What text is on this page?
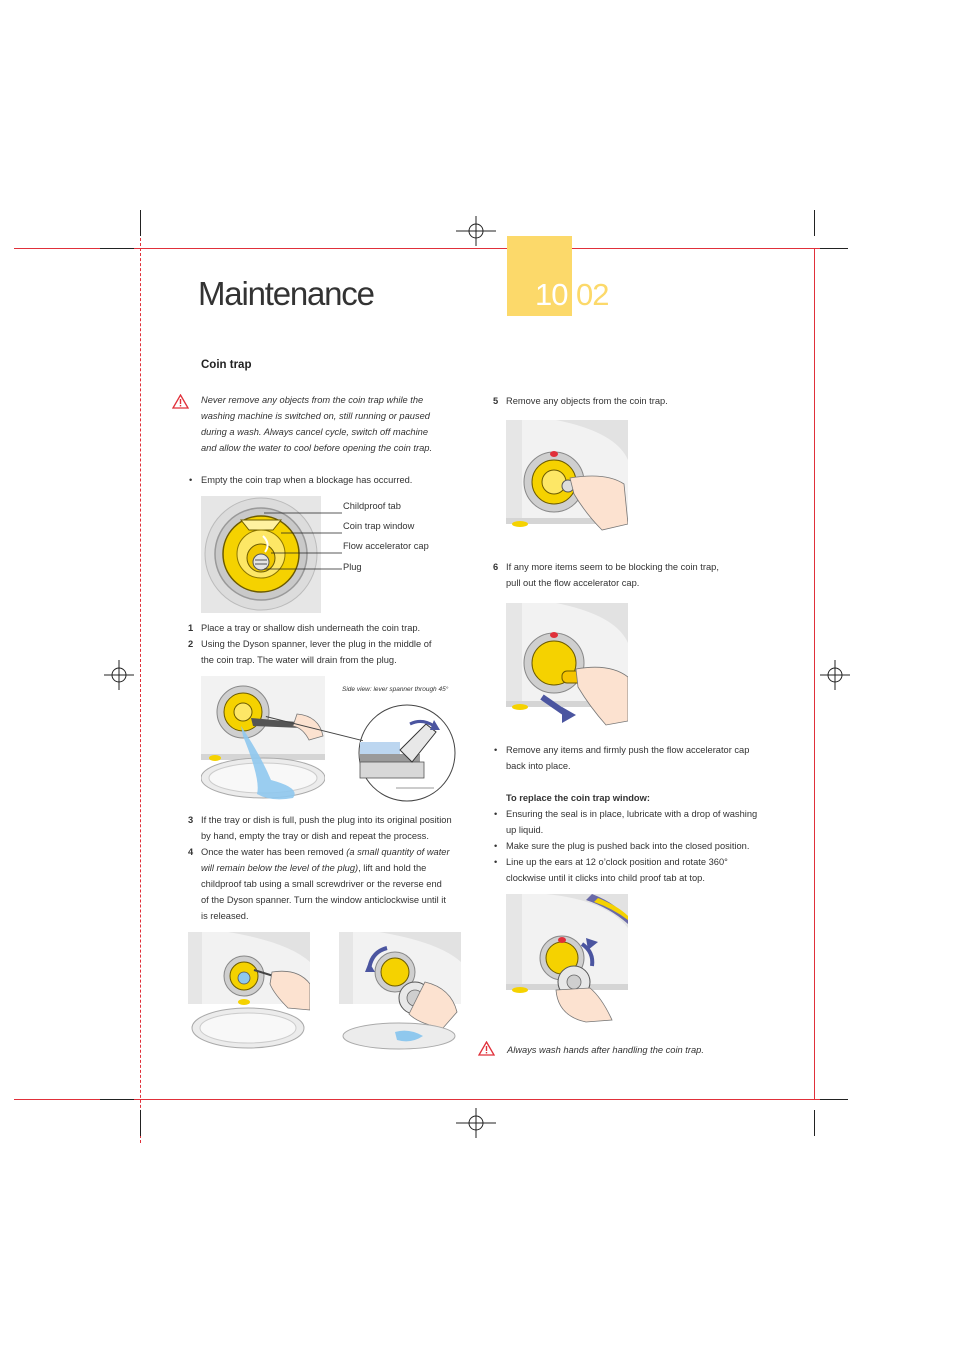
Maintenance	10 02
Coin trap
Never remove any objects from the coin trap while the
washing machine is switched on, still running or paused
during a wash. Always cancel cycle, switch off machine
and allow the water to cool before opening the coin trap.
• Empty the coin trap when a blockage has occurred.
Childproof tab
Coin trap window
Flow accelerator cap
Plug
1 Place a tray or shallow dish underneath the coin trap.
2 Using the Dyson spanner, lever the plug in the middle of
the coin trap. The water will drain from the plug.
Side view: lever spanner through 45°
3 If the tray or dish is full, push the plug into its original position
by hand, empty the tray or dish and repeat the process.
4 Once the water has been removed (a small quantity of water
will remain below the level of the plug), lift and hold the
childproof tab using a small screwdriver or the reverse end
of the Dyson spanner. Turn the window anticlockwise until it
is released.
5 Remove any objects from the coin trap.
6 If any more items seem to be blocking the coin trap,
pull out the flow accelerator cap.
• Remove any items and firmly push the flow accelerator cap
back into place.
To replace the coin trap window:
• Ensuring the seal is in place, lubricate with a drop of washing
up liquid.
• Make sure the plug is pushed back into the closed position.
• Line up the ears at 12 o’clock position and rotate 360°
clockwise until it clicks into child proof tab at top.
Always wash hands after handling the coin trap.
